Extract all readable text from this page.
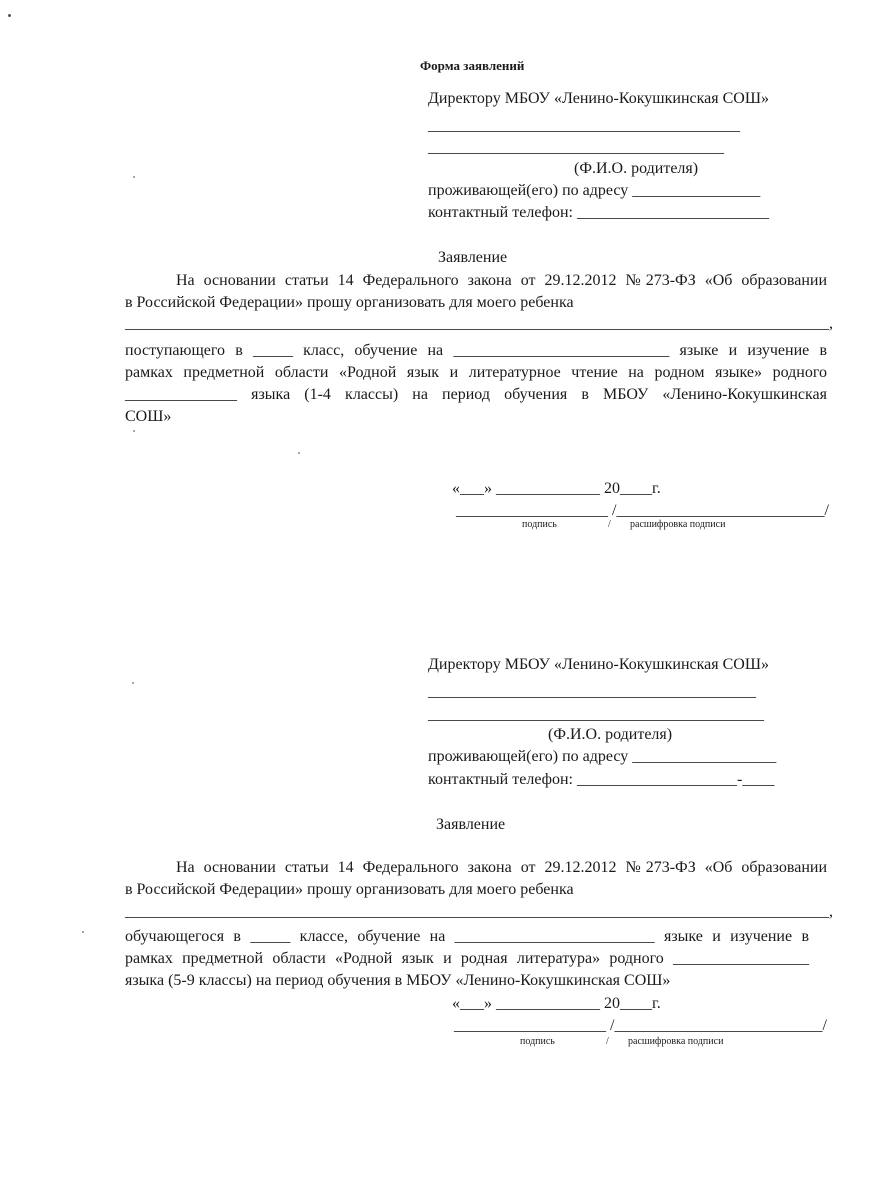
Форма заявлений
Директору МБОУ «Ленино-Кокушкинская СОШ»
_______________________________________
_____________________________________
(Ф.И.О. родителя)
проживающей(его) по адресу ________________
контактный телефон: ________________________
Заявление
На основании статьи 14 Федерального закона от 29.12.2012 №273-ФЗ «Об образовании
в Российской Федерации» прошу организовать для моего ребенка
________________________________________________________________________________________,
поступающего в _____ класс, обучение на ___________________________ языке и изучение в
рамках предметной области «Родной язык и литературное чтение на родном языке» родного
______________ языка (1-4 классы) на период обучения в МБОУ «Ленино-Кокушкинская
СОШ»
«___» _____________ 20____г.
___________________ /__________________________/
подпись	/ расшифровка подписи
Директору МБОУ «Ленино-Кокушкинская СОШ»
_________________________________________
__________________________________________
(Ф.И.О. родителя)
проживающей(его) по адресу __________________
контактный телефон: ____________________-____
Заявление
На основании статьи 14 Федерального закона от 29.12.2012 №273-ФЗ «Об образовании
в Российской Федерации» прошу организовать для моего ребенка
________________________________________________________________________________________,
обучающегося в _____ классе, обучение на _________________________ языке и изучение в
рамках предметной области «Родной язык и родная литература» родного _________________
языка (5-9 классы) на период обучения в МБОУ «Ленино-Кокушкинская СОШ»
«___» _____________ 20____г.
___________________ /__________________________/
подпись	/ расшифровка подписи
